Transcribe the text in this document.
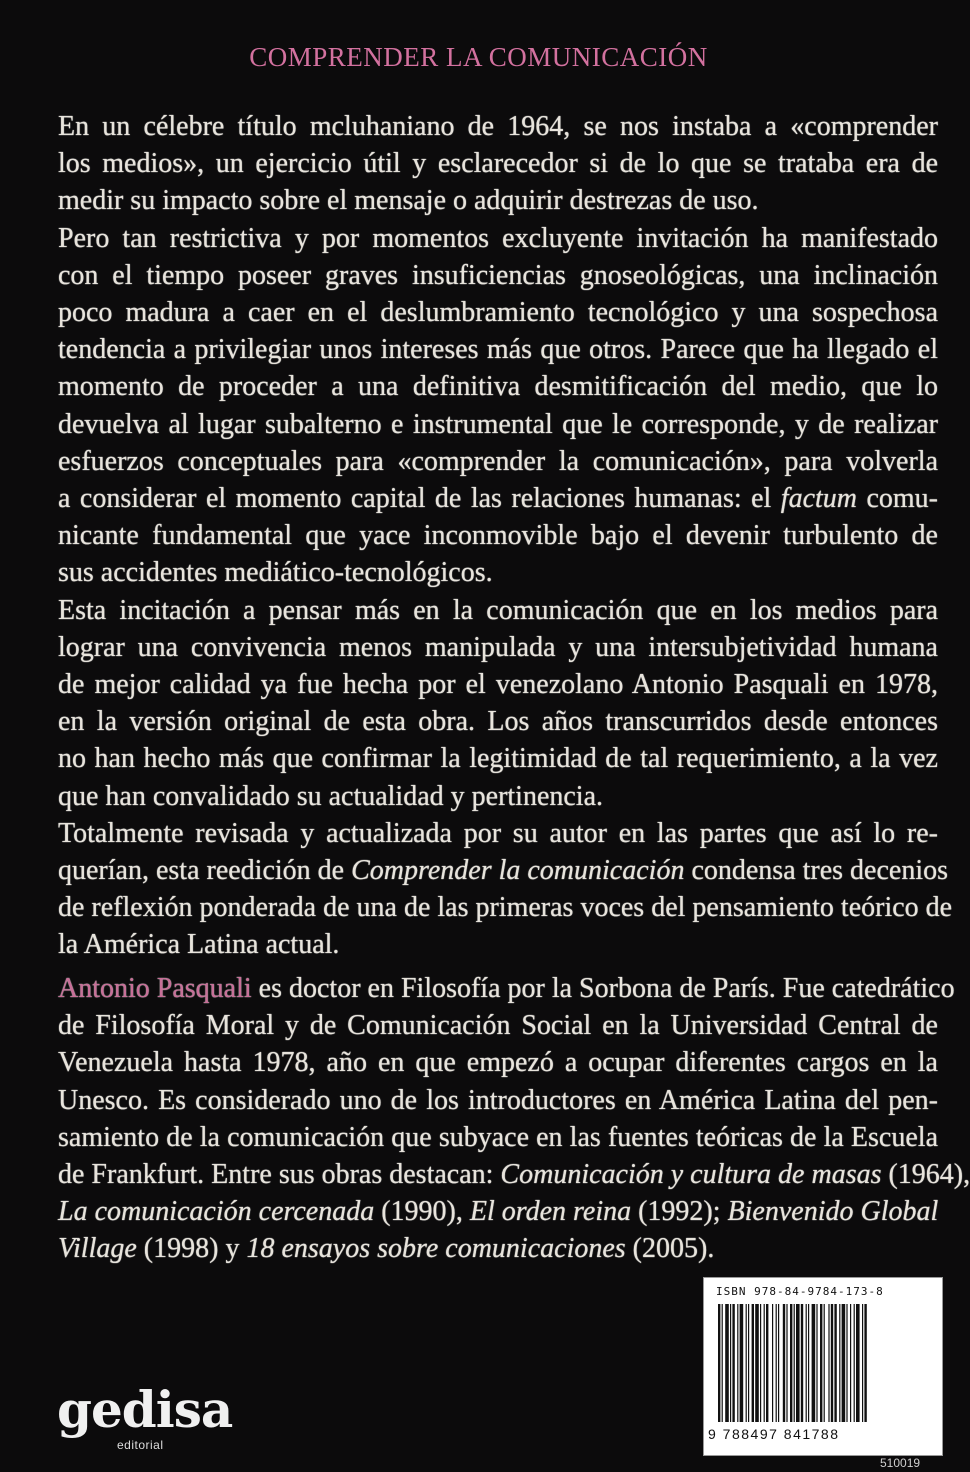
COMPRENDER LA COMUNICACIÓN
En un célebre título mcluhaniano de 1964, se nos instaba a «comprender
los medios», un ejercicio útil y esclarecedor si de lo que se trataba era de
medir su impacto sobre el mensaje o adquirir destrezas de uso.
Pero tan restrictiva y por momentos excluyente invitación ha manifestado
con el tiempo poseer graves insuficiencias gnoseológicas, una inclinación
poco madura a caer en el deslumbramiento tecnológico y una sospechosa
tendencia a privilegiar unos intereses más que otros. Parece que ha llegado el
momento de proceder a una definitiva desmitificación del medio, que lo
devuelva al lugar subalterno e instrumental que le corresponde, y de realizar
esfuerzos conceptuales para «comprender la comunicación», para volverla
a considerar el momento capital de las relaciones humanas: el factum comu-
nicante fundamental que yace inconmovible bajo el devenir turbulento de
sus accidentes mediático-tecnológicos.
Esta incitación a pensar más en la comunicación que en los medios para
lograr una convivencia menos manipulada y una intersubjetividad humana
de mejor calidad ya fue hecha por el venezolano Antonio Pasquali en 1978,
en la versión original de esta obra. Los años transcurridos desde entonces
no han hecho más que confirmar la legitimidad de tal requerimiento, a la vez
que han convalidado su actualidad y pertinencia.
Totalmente revisada y actualizada por su autor en las partes que así lo re-
querían, esta reedición de Comprender la comunicación condensa tres decenios
de reflexión ponderada de una de las primeras voces del pensamiento teórico de
la América Latina actual.
Antonio Pasquali es doctor en Filosofía por la Sorbona de París. Fue catedrático
de Filosofía Moral y de Comunicación Social en la Universidad Central de
Venezuela hasta 1978, año en que empezó a ocupar diferentes cargos en la
Unesco. Es considerado uno de los introductores en América Latina del pen-
samiento de la comunicación que subyace en las fuentes teóricas de la Escuela
de Frankfurt. Entre sus obras destacan: Comunicación y cultura de masas (1964),
La comunicación cercenada (1990), El orden reina (1992); Bienvenido Global
Village (1998) y 18 ensayos sobre comunicaciones (2005).
gedisa
editorial
ISBN 978-84-9784-173-8
9 788497 841788
510019
